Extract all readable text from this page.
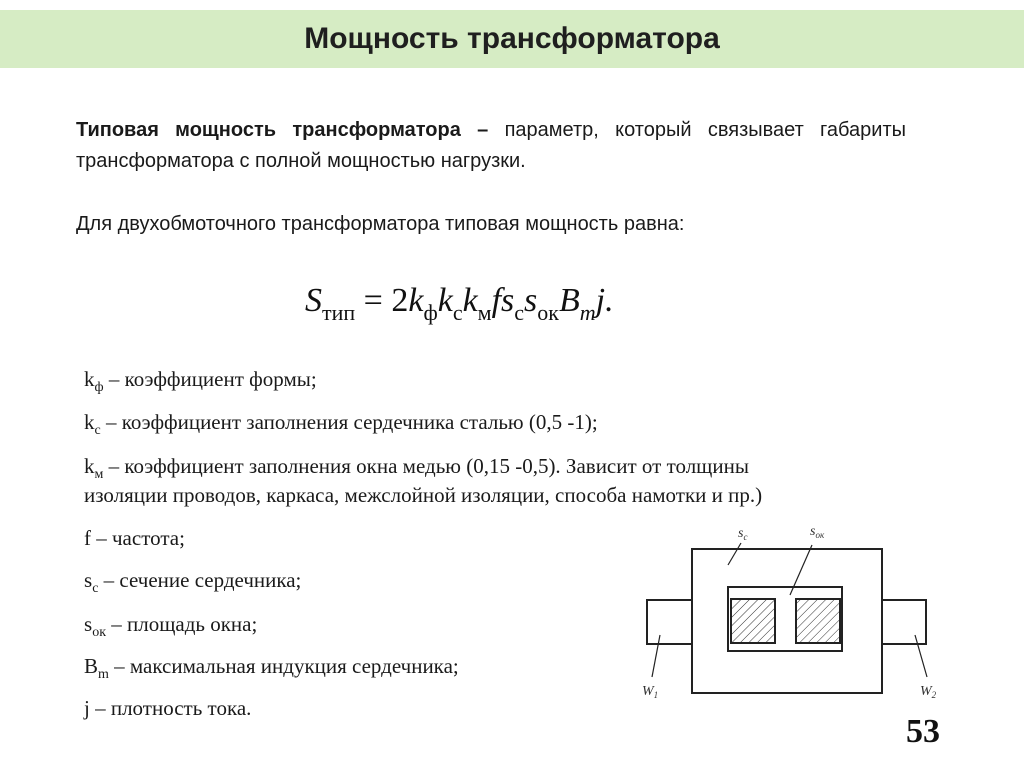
Мощность трансформатора
Типовая мощность трансформатора – параметр, который связывает габариты трансформатора с полной мощностью нагрузки.
Для двухобмоточного трансформатора типовая мощность равна:
$S_{тип} = 2k_фk_сk_мfs_сs_{ок}B_mj$.
$k_ф$ – коэффициент формы;
$k_с$ – коэффициент заполнения сердечника сталью (0,5 -1);
$k_м$ – коэффициент заполнения окна медью (0,15 -0,5). Зависит от толщины
изоляции проводов, каркаса, межслойной изоляции, способа намотки и пр.)
f – частота;
$s_с$ – сечение сердечника;
$s_{ок}$ – площадь окна;
$B_m$ – максимальная индукция сердечника;
j – плотность тока.
$s_c$	$s_{ок}$
$W_1$	$W_2$
53
